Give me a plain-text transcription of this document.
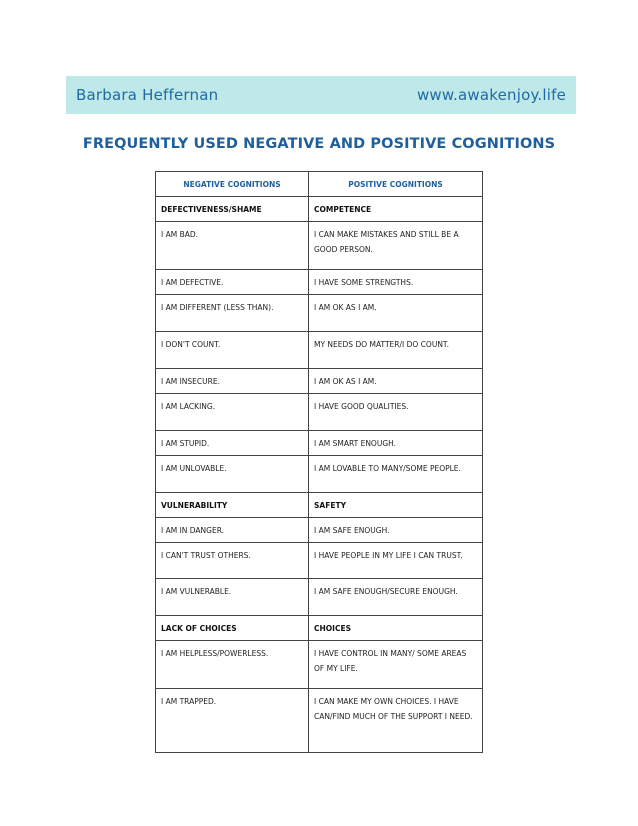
Barbara Heffernan	www.awakenjoy.life
FREQUENTLY USED NEGATIVE AND POSITIVE COGNITIONS
NEGATIVE COGNITIONS	POSITIVE COGNITIONS
DEFECTIVENESS/SHAME	COMPETENCE
I AM BAD.	I CAN MAKE MISTAKES AND STILL BE A GOOD PERSON.
I AM DEFECTIVE.	I HAVE SOME STRENGTHS.
I AM DIFFERENT (LESS THAN).	I AM OK AS I AM.
I DON'T COUNT.	MY NEEDS DO MATTER/I DO COUNT.
I AM INSECURE.	I AM OK AS I AM.
I AM LACKING.	I HAVE GOOD QUALITIES.
I AM STUPID.	I AM SMART ENOUGH.
I AM UNLOVABLE.	I AM LOVABLE TO MANY/SOME PEOPLE.
VULNERABILITY	SAFETY
I AM IN DANGER.	I AM SAFE ENOUGH.
I CAN'T TRUST OTHERS.	I HAVE PEOPLE IN MY LIFE I CAN TRUST.
I AM VULNERABLE.	I AM SAFE ENOUGH/SECURE ENOUGH.
LACK OF CHOICES	CHOICES
I AM HELPLESS/POWERLESS.	I HAVE CONTROL IN MANY/ SOME AREAS OF MY LIFE.
I AM TRAPPED.	I CAN MAKE MY OWN CHOICES. I HAVE CAN/FIND MUCH OF THE SUPPORT I NEED.
